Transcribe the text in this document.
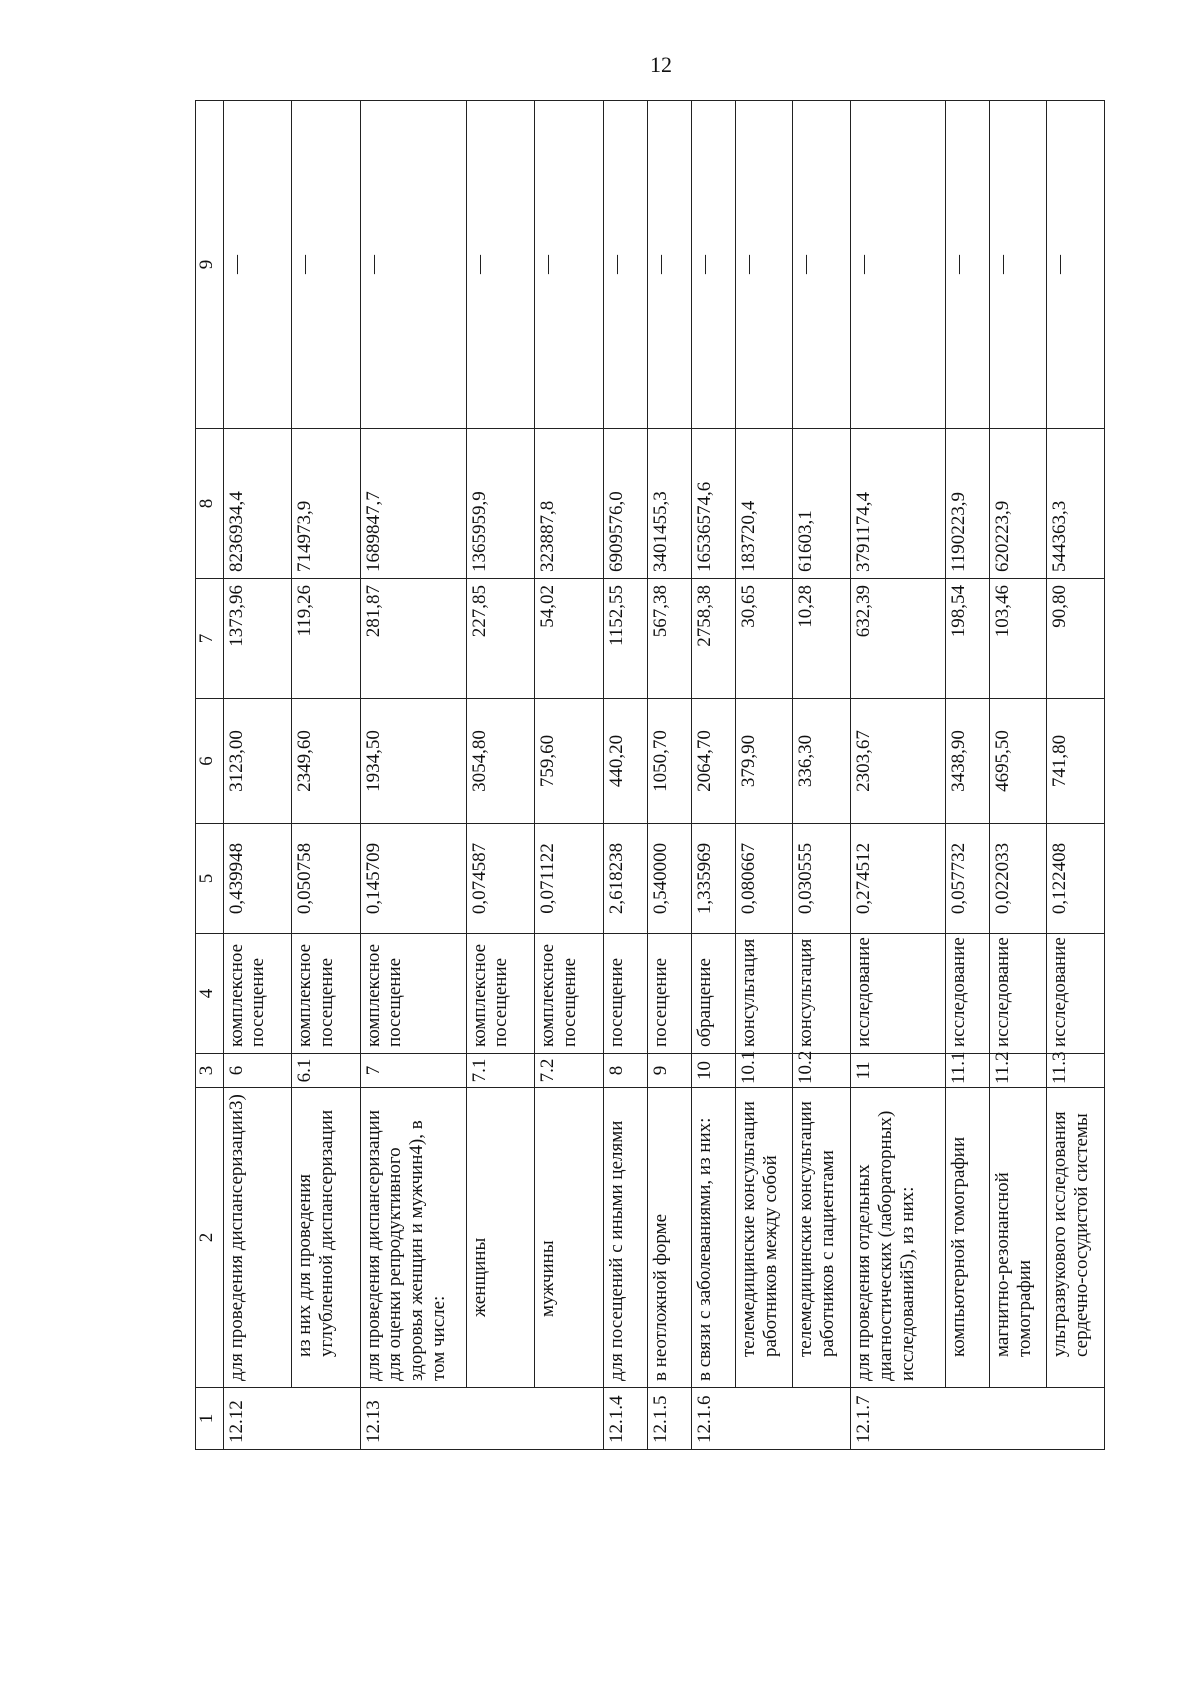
12
1	2	3	4	5	6	7	8	9
12.12	для проведения диспансеризации3)	6	комплексное посещение	0,439948	3123,00	1373,96	8236934,4	—
	из них для проведения углубленной диспансеризации	6.1	комплексное посещение	0,050758	2349,60	119,26	714973,9	—
12.13	для проведения диспансеризации для оценки репродуктивного здоровья женщин и мужчин4), в том числе:	7	комплексное посещение	0,145709	1934,50	281,87	1689847,7	—
	женщины	7.1	комплексное посещение	0,074587	3054,80	227,85	1365959,9	—
	мужчины	7.2	комплексное посещение	0,071122	759,60	54,02	323887,8	—
12.1.4	для посещений с иными целями	8	посещение	2,618238	440,20	1152,55	6909576,0	—
12.1.5	в неотложной форме	9	посещение	0,540000	1050,70	567,38	3401455,3	—
12.1.6	в связи с заболеваниями, из них:	10	обращение	1,335969	2064,70	2758,38	16536574,6	—
	телемедицинские консультации работников между собой	10.1	консультация	0,080667	379,90	30,65	183720,4	—
	телемедицинские консультации работников с пациентами	10.2	консультация	0,030555	336,30	10,28	61603,1	—
12.1.7	для проведения отдельных диагностических (лабораторных) исследований5), из них:	11	исследование	0,274512	2303,67	632,39	3791174,4	—
	компьютерной томографии	11.1	исследование	0,057732	3438,90	198,54	1190223,9	—
	магнитно-резонансной томографии	11.2	исследование	0,022033	4695,50	103,46	620223,9	—
	ультразвукового исследования сердечно-сосудистой системы	11.3	исследование	0,122408	741,80	90,80	544363,3	—
